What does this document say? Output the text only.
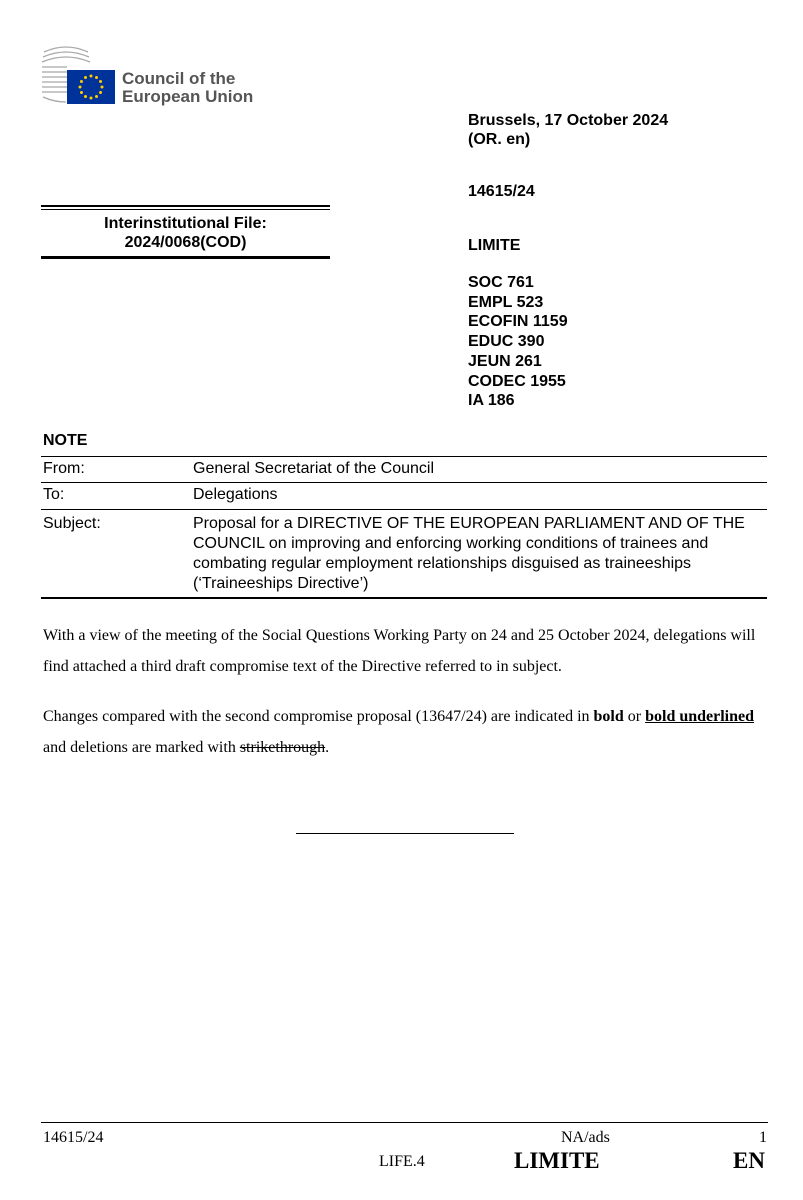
Council of the
European Union
Brussels, 17 October 2024
(OR. en)
14615/24
LIMITE
Interinstitutional File:
2024/0068(COD)
SOC 761
EMPL 523
ECOFIN 1159
EDUC 390
JEUN 261
CODEC 1955
IA 186
NOTE
From:	General Secretariat of the Council
To:	Delegations
Subject:	Proposal for a DIRECTIVE OF THE EUROPEAN PARLIAMENT AND OF THE COUNCIL on improving and enforcing working conditions of trainees and combating regular employment relationships disguised as traineeships (‘Traineeships Directive’)
With a view of the meeting of the Social Questions Working Party on 24 and 25 October 2024, delegations will find attached a third draft compromise text of the Directive referred to in subject.
Changes compared with the second compromise proposal (13647/24) are indicated in bold or bold underlined and deletions are marked with strikethrough.
14615/24	NA/ads	1
LIFE.4	LIMITE	EN
